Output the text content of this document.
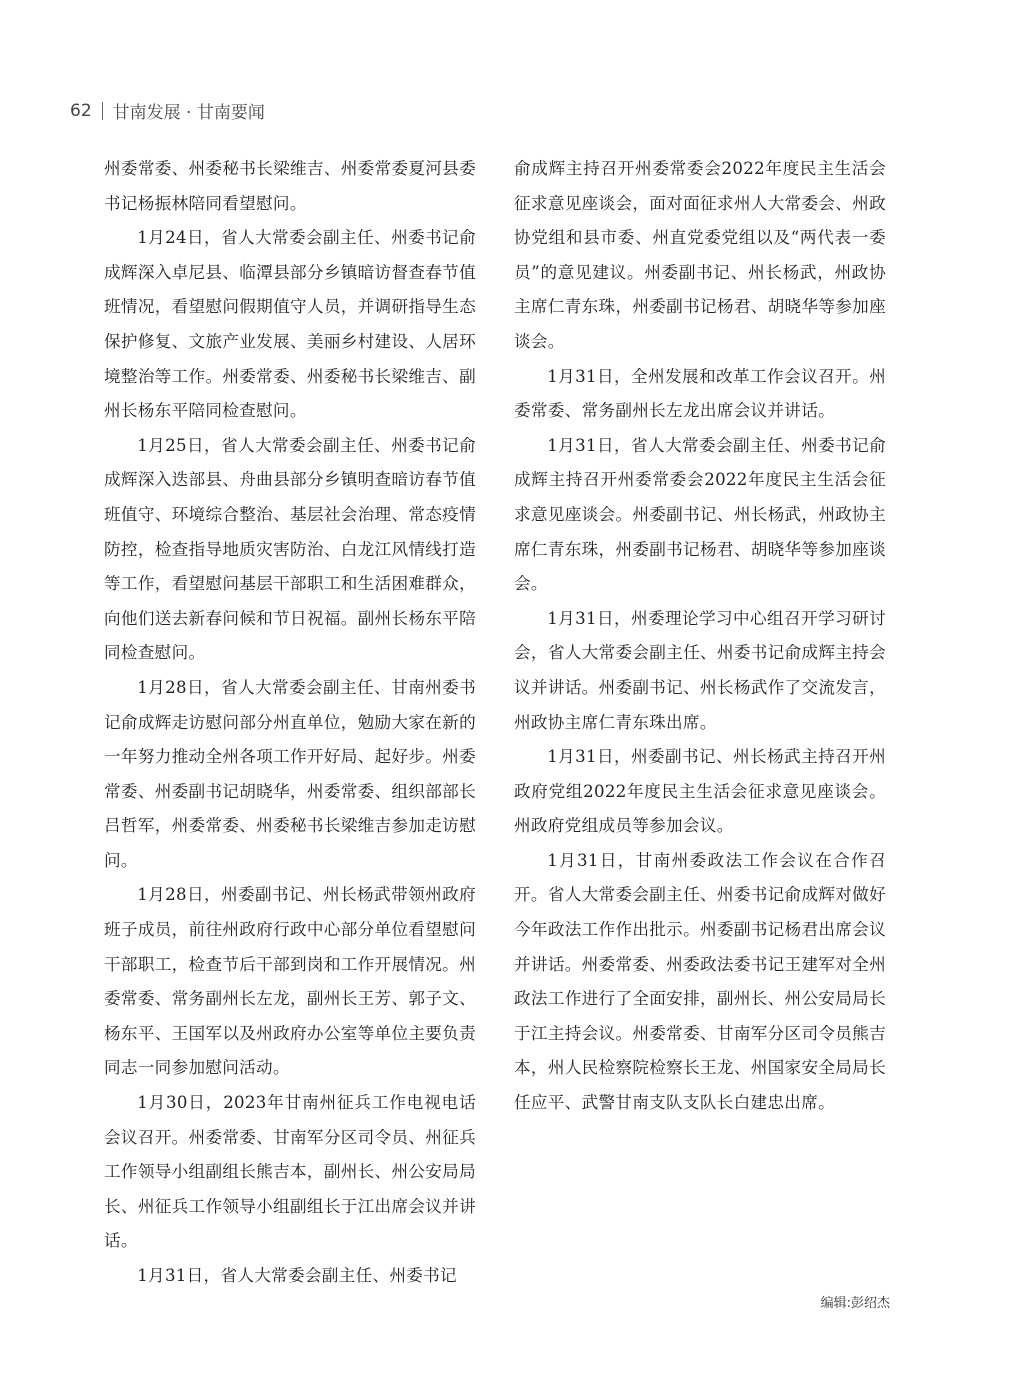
62 甘南发展 · 甘南要闻

州委常委、州委秘书长梁维吉、州委常委夏河县委书记杨振林陪同看望慰问。

1月24日，省人大常委会副主任、州委书记俞成辉深入卓尼县、临潭县部分乡镇暗访督查春节值班情况，看望慰问假期值守人员，并调研指导生态保护修复、文旅产业发展、美丽乡村建设、人居环境整治等工作。州委常委、州委秘书长梁维吉、副州长杨东平陪同检查慰问。

1月25日，省人大常委会副主任、州委书记俞成辉深入迭部县、舟曲县部分乡镇明查暗访春节值班值守、环境综合整治、基层社会治理、常态疫情防控，检查指导地质灾害防治、白龙江风情线打造等工作，看望慰问基层干部职工和生活困难群众，向他们送去新春问候和节日祝福。副州长杨东平陪同检查慰问。

1月28日，省人大常委会副主任、甘南州委书记俞成辉走访慰问部分州直单位，勉励大家在新的一年努力推动全州各项工作开好局、起好步。州委常委、州委副书记胡晓华，州委常委、组织部部长吕哲军，州委常委、州委秘书长梁维吉参加走访慰问。

1月28日，州委副书记、州长杨武带领州政府班子成员，前往州政府行政中心部分单位看望慰问干部职工，检查节后干部到岗和工作开展情况。州委常委、常务副州长左龙，副州长王芳、郭子文、杨东平、王国军以及州政府办公室等单位主要负责同志一同参加慰问活动。

1月30日，2023年甘南州征兵工作电视电话会议召开。州委常委、甘南军分区司令员、州征兵工作领导小组副组长熊吉本，副州长、州公安局局长、州征兵工作领导小组副组长于江出席会议并讲话。

1月31日，省人大常委会副主任、州委书记

俞成辉主持召开州委常委会2022年度民主生活会征求意见座谈会，面对面征求州人大常委会、州政协党组和县市委、州直党委党组以及“两代表一委员”的意见建议。州委副书记、州长杨武，州政协主席仁青东珠，州委副书记杨君、胡晓华等参加座谈会。

1月31日，全州发展和改革工作会议召开。州委常委、常务副州长左龙出席会议并讲话。

1月31日，省人大常委会副主任、州委书记俞成辉主持召开州委常委会2022年度民主生活会征求意见座谈会。州委副书记、州长杨武，州政协主席仁青东珠，州委副书记杨君、胡晓华等参加座谈会。

1月31日，州委理论学习中心组召开学习研讨会，省人大常委会副主任、州委书记俞成辉主持会议并讲话。州委副书记、州长杨武作了交流发言，州政协主席仁青东珠出席。

1月31日，州委副书记、州长杨武主持召开州政府党组2022年度民主生活会征求意见座谈会。州政府党组成员等参加会议。

1月31日，甘南州委政法工作会议在合作召开。省人大常委会副主任、州委书记俞成辉对做好今年政法工作作出批示。州委副书记杨君出席会议并讲话。州委常委、州委政法委书记王建军对全州政法工作进行了全面安排，副州长、州公安局局长于江主持会议。州委常委、甘南军分区司令员熊吉本，州人民检察院检察长王龙、州国家安全局局长任应平、武警甘南支队支队长白建忠出席。

编辑:彭绍杰
